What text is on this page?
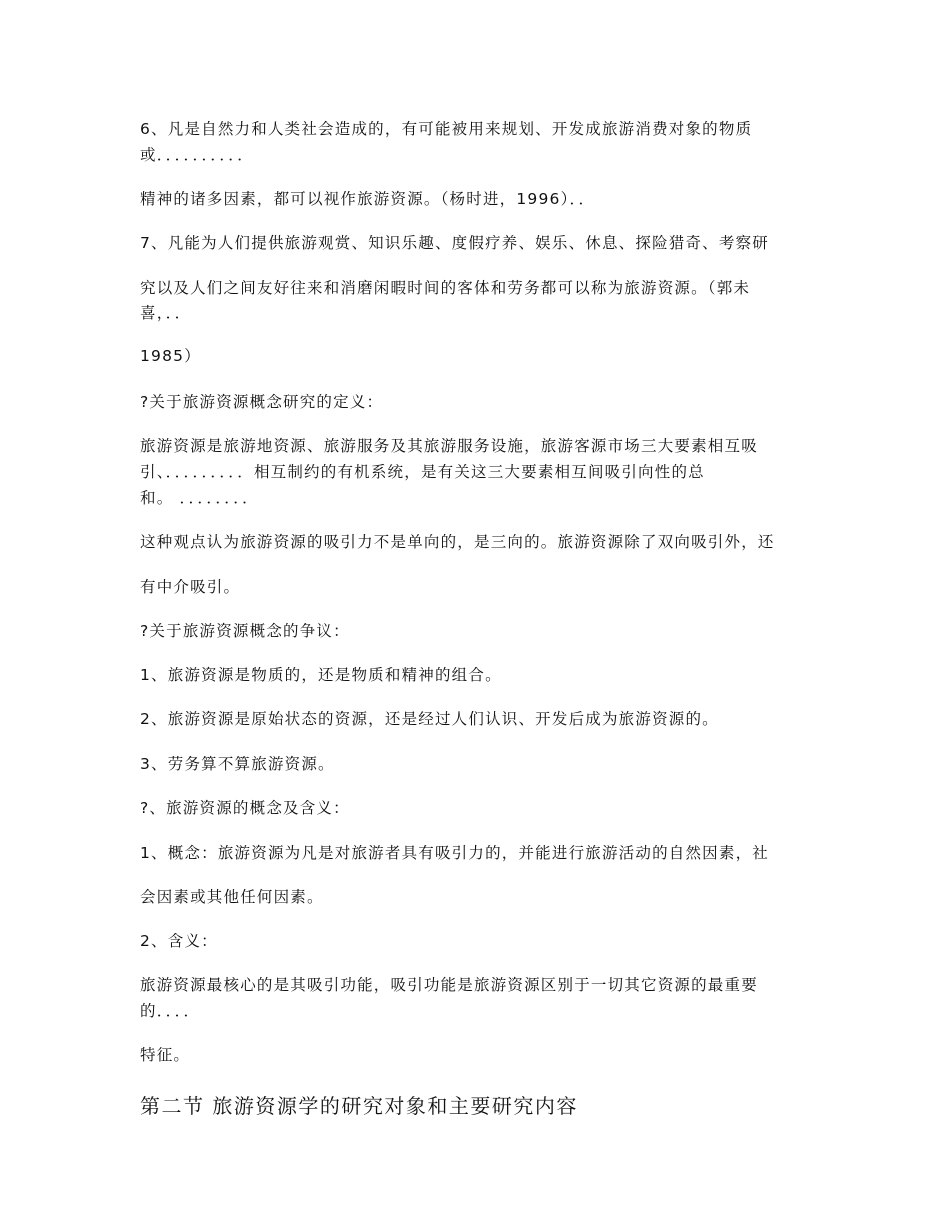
6、凡是自然力和人类社会造成的，有可能被用来规划、开发成旅游消费对象的物质
或．．．．．．．．．．
精神的诸多因素，都可以视作旅游资源。（杨时进，1996）．．
7、凡能为人们提供旅游观赏、知识乐趣、度假疗养、娱乐、休息、探险猎奇、考察研
究以及人们之间友好往来和消磨闲暇时间的客体和劳务都可以称为旅游资源。（郭未
喜，．．
1985）
?关于旅游资源概念研究的定义：
旅游资源是旅游地资源、旅游服务及其旅游服务设施，旅游客源市场三大要素相互吸
引、．．．．．．．．．相互制约的有机系统，是有关这三大要素相互间吸引向性的总
和。 ．．．．．．．．
这种观点认为旅游资源的吸引力不是单向的，是三向的。旅游资源除了双向吸引外，还
有中介吸引。
?关于旅游资源概念的争议：
1、旅游资源是物质的，还是物质和精神的组合。
2、旅游资源是原始状态的资源，还是经过人们认识、开发后成为旅游资源的。
3、劳务算不算旅游资源。
?、旅游资源的概念及含义：
1、概念：旅游资源为凡是对旅游者具有吸引力的，并能进行旅游活动的自然因素，社
会因素或其他任何因素。
2、含义：
旅游资源最核心的是其吸引功能，吸引功能是旅游资源区别于一切其它资源的最重要
的．．．．
特征。
第二节 旅游资源学的研究对象和主要研究内容
